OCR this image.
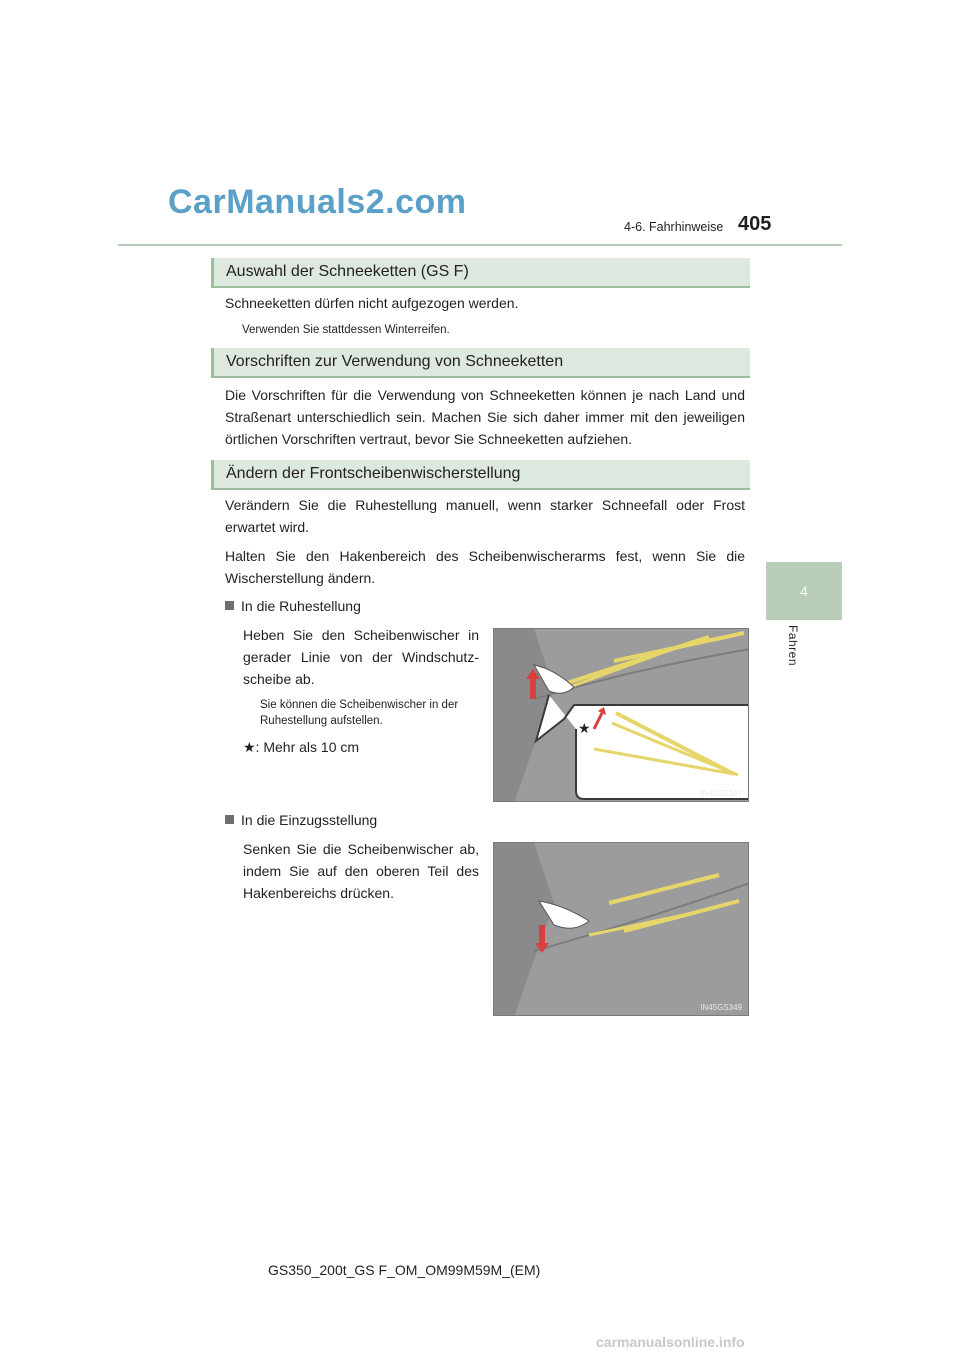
CarManuals2.com
4-6. Fahrhinweise 405
4
Fahren
Auswahl der Schneeketten (GS F)
Schneeketten dürfen nicht aufgezogen werden.
Verwenden Sie stattdessen Winterreifen.
Vorschriften zur Verwendung von Schneeketten
Die Vorschriften für die Verwendung von Schneeketten können je nach Land und Straßenart unterschiedlich sein. Machen Sie sich daher immer mit den jeweiligen örtlichen Vorschriften vertraut, bevor Sie Schneeketten aufziehen.
Ändern der Frontscheibenwischerstellung
Verändern Sie die Ruhestellung manuell, wenn starker Schneefall oder Frost erwartet wird.
Halten Sie den Hakenbereich des Scheibenwischerarms fest, wenn Sie die Wischerstellung ändern.
In die Ruhestellung
Heben Sie den Scheibenwischer in gerader Linie von der Windschutz-scheibe ab.
Sie können die Scheibenwischer in der Ruhestellung aufstellen.
★: Mehr als 10 cm
★
IN45GS347
In die Einzugsstellung
Senken Sie die Scheibenwischer ab, indem Sie auf den oberen Teil des Hakenbereichs drücken.
IN45GS349
GS350_200t_GS F_OM_OM99M59M_(EM)
carmanualsonline.info
